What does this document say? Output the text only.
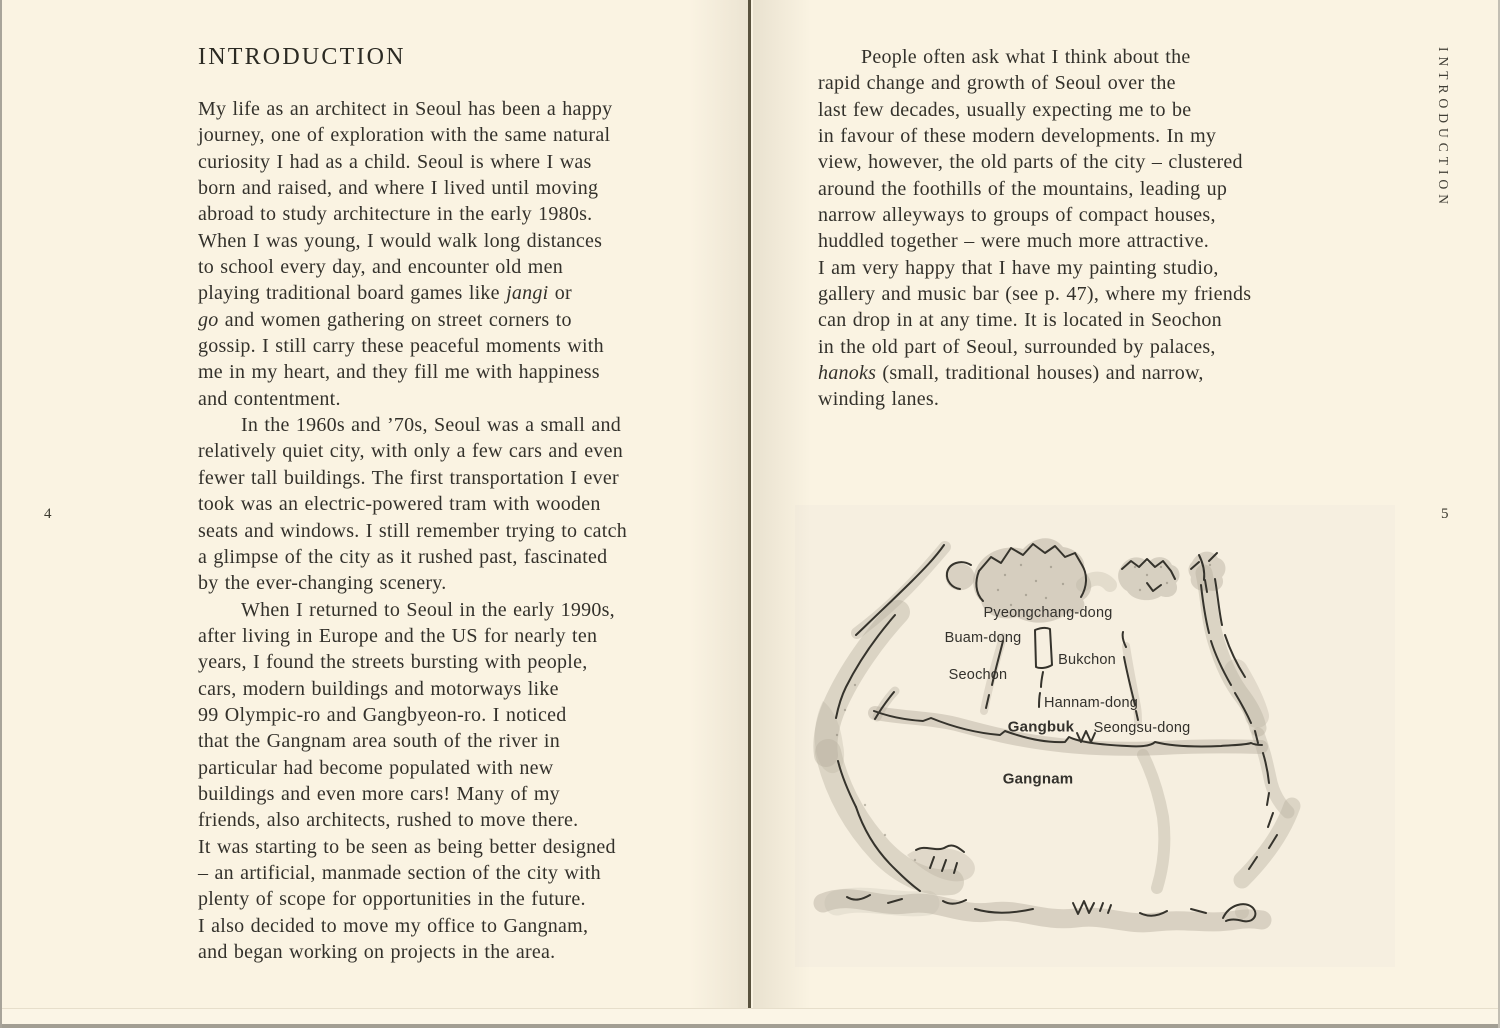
INTRODUCTION
My life as an architect in Seoul has been a happy
journey, one of exploration with the same natural
curiosity I had as a child. Seoul is where I was
born and raised, and where I lived until moving
abroad to study architecture in the early 1980s.
When I was young, I would walk long distances
to school every day, and encounter old men
playing traditional board games like jangi or
go and women gathering on street corners to
gossip. I still carry these peaceful moments with
me in my heart, and they fill me with happiness
and contentment.
In the 1960s and ’70s, Seoul was a small and
relatively quiet city, with only a few cars and even
fewer tall buildings. The first transportation I ever
took was an electric-powered tram with wooden
seats and windows. I still remember trying to catch
a glimpse of the city as it rushed past, fascinated
by the ever-changing scenery.
When I returned to Seoul in the early 1990s,
after living in Europe and the US for nearly ten
years, I found the streets bursting with people,
cars, modern buildings and motorways like
99 Olympic-ro and Gangbyeon-ro. I noticed
that the Gangnam area south of the river in
particular had become populated with new
buildings and even more cars! Many of my
friends, also architects, rushed to move there.
It was starting to be seen as being better designed
– an artificial, manmade section of the city with
plenty of scope for opportunities in the future.
I also decided to move my office to Gangnam,
and began working on projects in the area.
4
People often ask what I think about the
rapid change and growth of Seoul over the
last few decades, usually expecting me to be
in favour of these modern developments. In my
view, however, the old parts of the city – clustered
around the foothills of the mountains, leading up
narrow alleyways to groups of compact houses,
huddled together – were much more attractive.
I am very happy that I have my painting studio,
gallery and music bar (see p. 47), where my friends
can drop in at any time. It is located in Seochon
in the old part of Seoul, surrounded by palaces,
hanoks (small, traditional houses) and narrow,
winding lanes.
INTRODUCTION
5
Pyeongchang-dong
Buam-dong
Bukchon
Seochon
Hannam-dong
Gangbuk Seongsu-dong
Gangnam
